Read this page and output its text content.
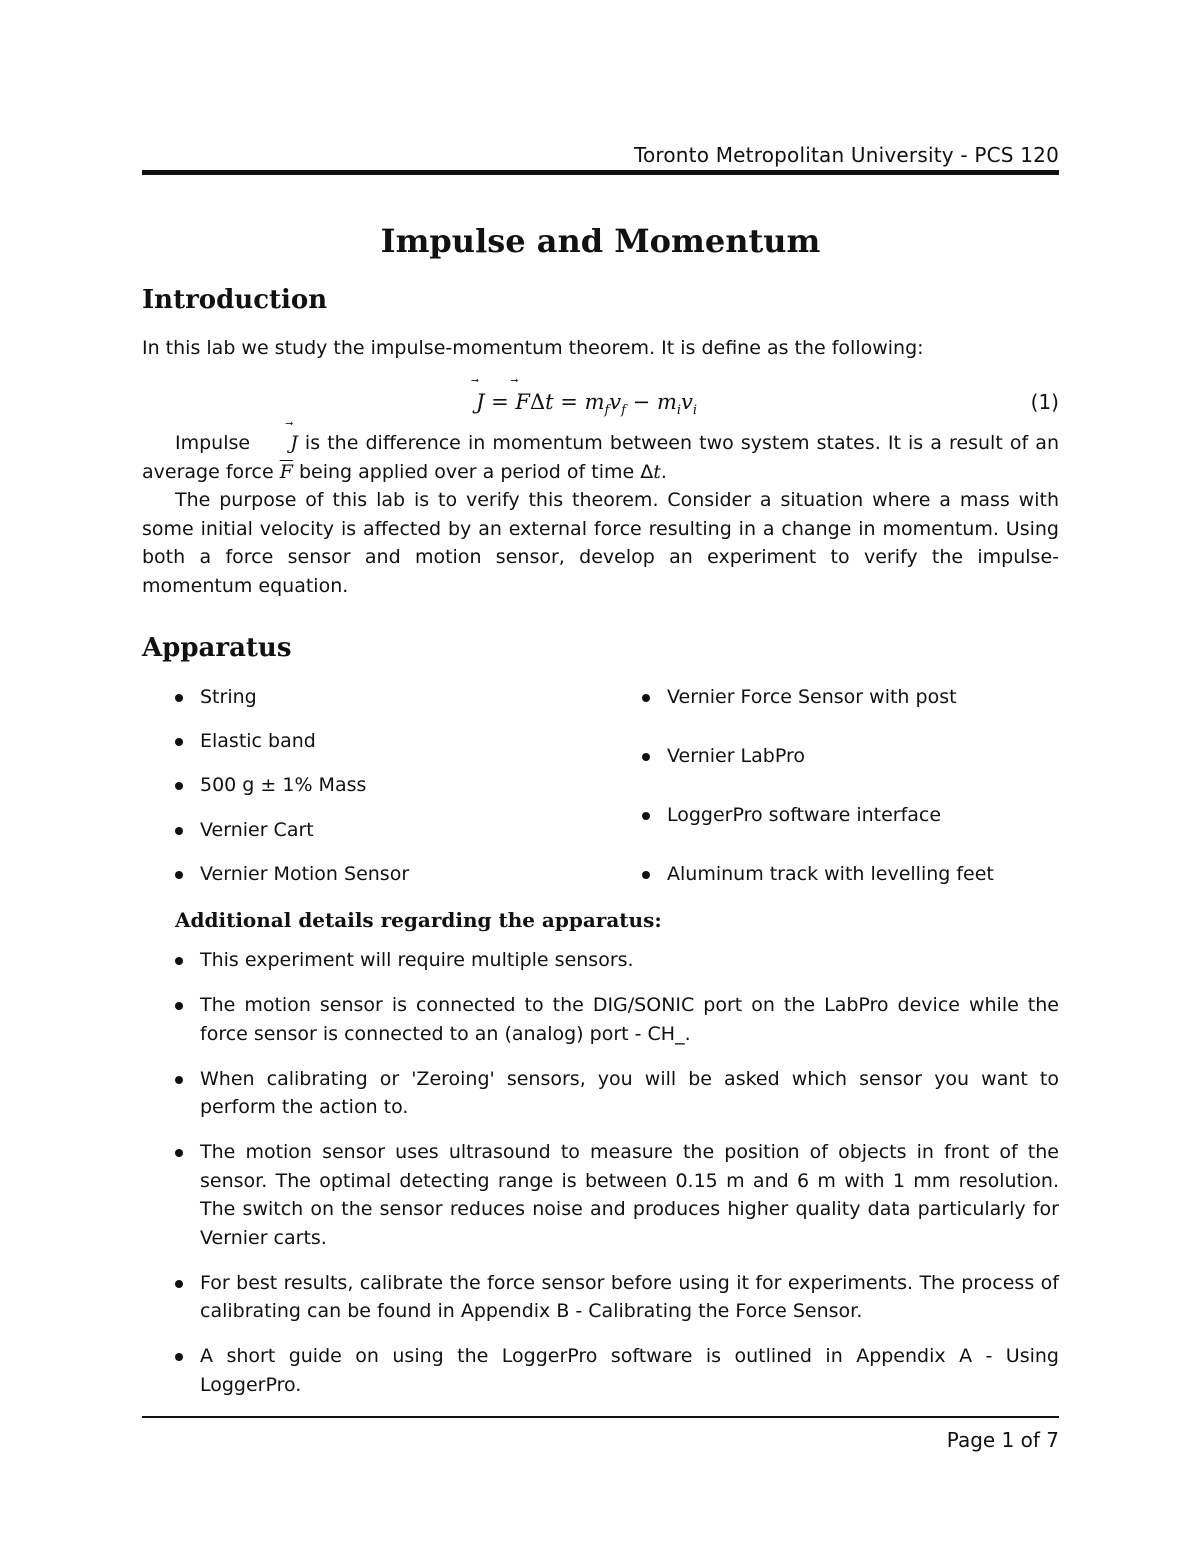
Toronto Metropolitan University - PCS 120
Impulse and Momentum
Introduction
In this lab we study the impulse-momentum theorem. It is define as the following:
⃗ J = ⃗ $\overline{F}\Delta t = m_fv_f - m_iv_i$	(1)
Impulse ⃗ J is the difference in momentum between two system states. It is a result of an average force $\overline{F}$ being applied over a period of time Δt.
The purpose of this lab is to verify this theorem. Consider a situation where a mass with some initial velocity is affected by an external force resulting in a change in momentum. Using both a force sensor and motion sensor, develop an experiment to verify the impulse-momentum equation.
Apparatus
String
Elastic band
500 g ± 1% Mass
Vernier Cart
Vernier Motion Sensor
Vernier Force Sensor with post
Vernier LabPro
LoggerPro software interface
Aluminum track with levelling feet
Additional details regarding the apparatus:
This experiment will require multiple sensors.
The motion sensor is connected to the DIG/SONIC port on the LabPro device while the force sensor is connected to an (analog) port - CH_.
When calibrating or 'Zeroing' sensors, you will be asked which sensor you want to perform the action to.
The motion sensor uses ultrasound to measure the position of objects in front of the sensor. The optimal detecting range is between 0.15 m and 6 m with 1 mm resolution. The switch on the sensor reduces noise and produces higher quality data particularly for Vernier carts.
For best results, calibrate the force sensor before using it for experiments. The process of calibrating can be found in Appendix B - Calibrating the Force Sensor.
A short guide on using the LoggerPro software is outlined in Appendix A - Using LoggerPro.
Page 1 of 7
